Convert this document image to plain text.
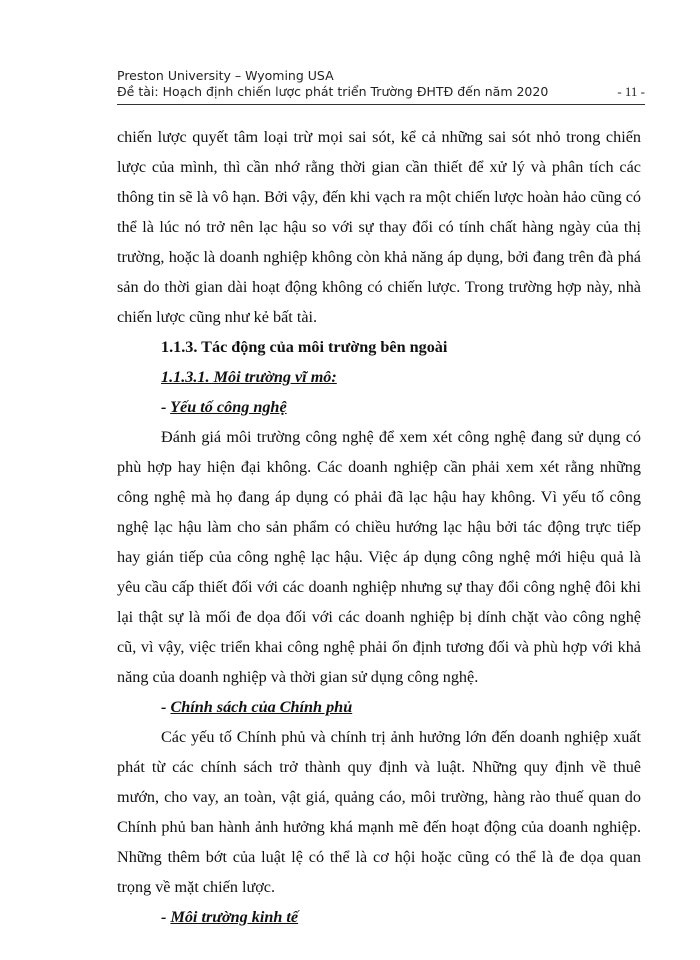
Preston University – Wyoming USA
Đề tài: Hoạch định chiến lược phát triển Trường ĐHTĐ đến năm 2020	- 11 -

chiến lược quyết tâm loại trừ mọi sai sót, kể cả những sai sót nhỏ trong chiến lược của mình, thì cần nhớ rằng thời gian cần thiết để xử lý và phân tích các thông tin sẽ là vô hạn. Bởi vậy, đến khi vạch ra một chiến lược hoàn hảo cũng có thể là lúc nó trở nên lạc hậu so với sự thay đổi có tính chất hàng ngày của thị trường, hoặc là doanh nghiệp không còn khả năng áp dụng, bởi đang trên đà phá sản do thời gian dài hoạt động không có chiến lược. Trong trường hợp này, nhà chiến lược cũng như kẻ bất tài.

1.1.3. Tác động của môi trường bên ngoài

1.1.3.1. Môi trường vĩ mô:

- Yếu tố công nghệ

Đánh giá môi trường công nghệ để xem xét công nghệ đang sử dụng có phù hợp hay hiện đại không. Các doanh nghiệp cần phải xem xét rằng những công nghệ mà họ đang áp dụng có phải đã lạc hậu hay không. Vì yếu tố công nghệ lạc hậu làm cho sản phẩm có chiều hướng lạc hậu bởi tác động trực tiếp hay gián tiếp của công nghệ lạc hậu. Việc áp dụng công nghệ mới hiệu quả là yêu cầu cấp thiết đối với các doanh nghiệp nhưng sự thay đổi công nghệ đôi khi lại thật sự là mối đe dọa đối với các doanh nghiệp bị dính chặt vào công nghệ cũ, vì vậy, việc triển khai công nghệ phải ổn định tương đối và phù hợp với khả năng của doanh nghiệp và thời gian sử dụng công nghệ.

- Chính sách của Chính phủ

Các yếu tố Chính phủ và chính trị ảnh hưởng lớn đến doanh nghiệp xuất phát từ các chính sách trở thành quy định và luật. Những quy định về thuê mướn, cho vay, an toàn, vật giá, quảng cáo, môi trường, hàng rào thuế quan do Chính phủ ban hành ảnh hưởng khá mạnh mẽ đến hoạt động của doanh nghiệp. Những thêm bớt của luật lệ có thể là cơ hội hoặc cũng có thể là đe dọa quan trọng về mặt chiến lược.

- Môi trường kinh tế
